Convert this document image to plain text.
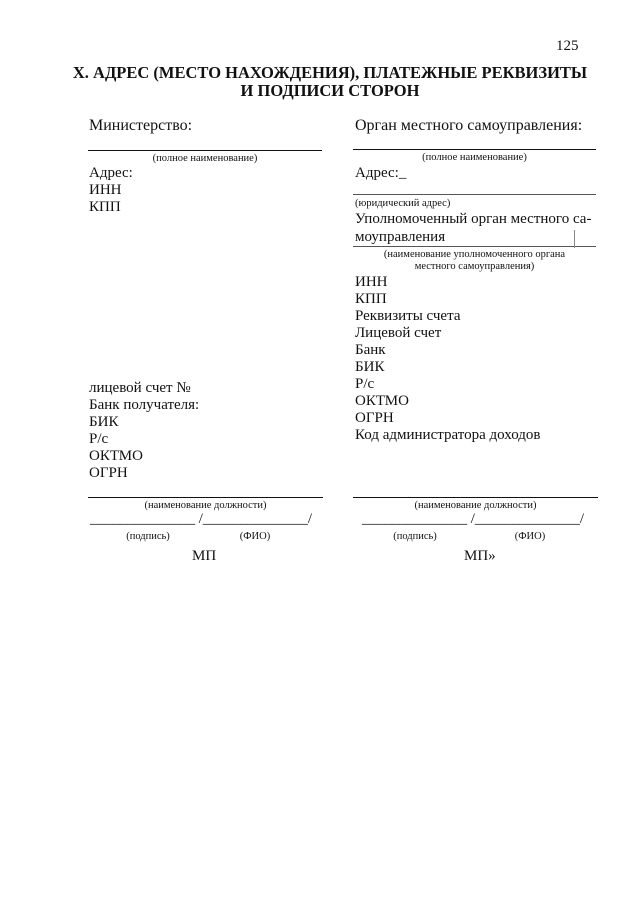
125
X. АДРЕС (МЕСТО НАХОЖДЕНИЯ), ПЛАТЕЖНЫЕ РЕКВИЗИТЫ
И ПОДПИСИ СТОРОН
Министерство:
(полное наименование)
Адрес:
ИНН
КПП
лицевой счет №
Банк получателя:
БИК
Р/с
ОКТМО
ОГРН
(наименование должности)
______________ /______________/
(подпись)	(ФИО)
МП
Орган местного самоуправления:
(полное наименование)
Адрес:_
(юридический адрес)
Уполномоченный орган местного са-
моуправления
(наименование уполномоченного органа
местного самоуправления)
ИНН
КПП
Реквизиты счета
Лицевой счет
Банк
БИК
Р/с
ОКТМО
ОГРН
Код администратора доходов
(наименование должности)
______________ /______________/
(подпись)	(ФИО)
МП»
